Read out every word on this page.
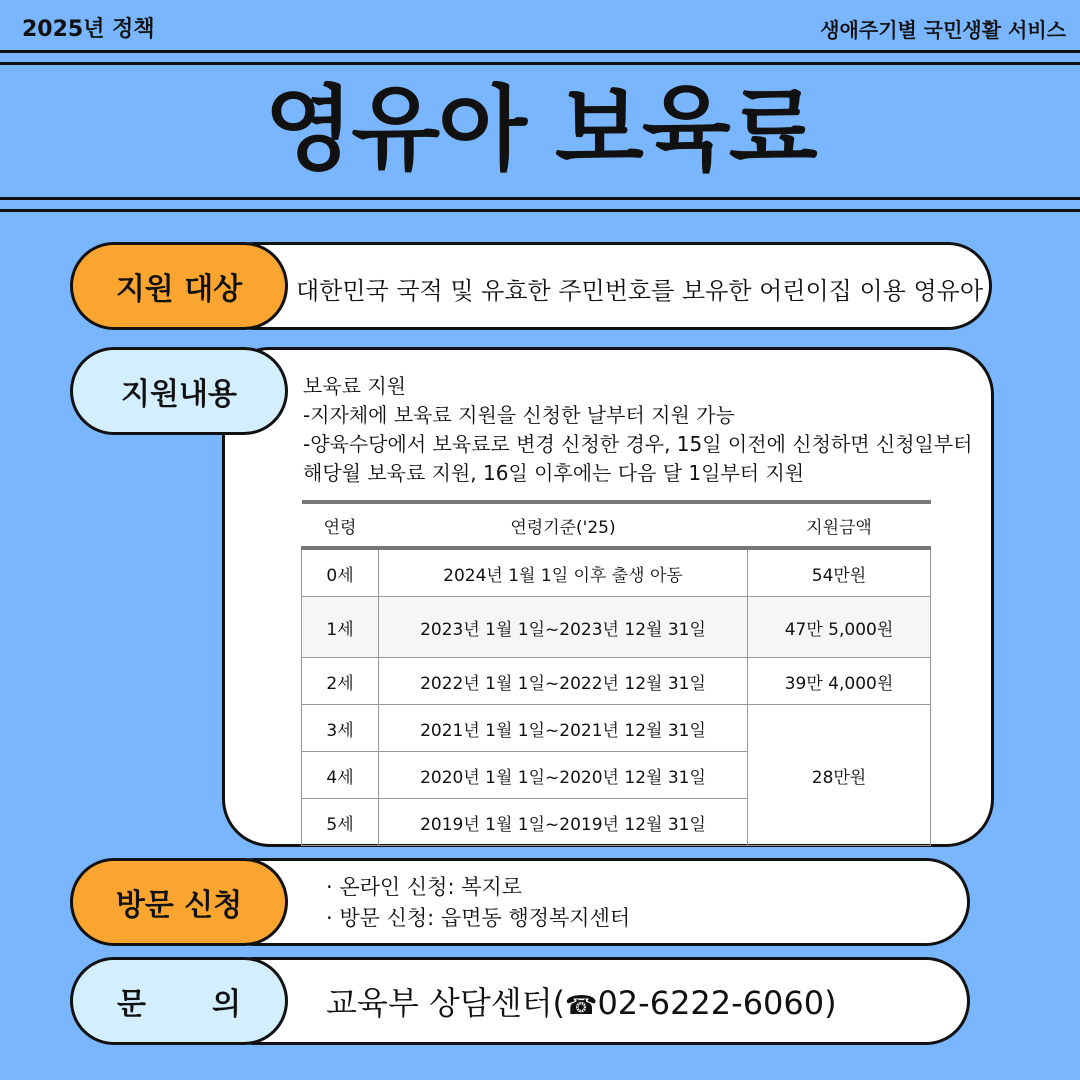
2025년 정책	생애주기별 국민생활 서비스
영유아 보육료
지원 대상	대한민국 국적 및 유효한 주민번호를 보유한 어린이집 이용 영유아
지원내용	보육료 지원
-지자체에 보육료 지원을 신청한 날부터 지원 가능
-양육수당에서 보육료로 변경 신청한 경우, 15일 이전에 신청하면 신청일부터
해당월 보육료 지원, 16일 이후에는 다음 달 1일부터 지원
연령	연령기준('25)	지원금액
0세	2024년 1월 1일 이후 출생 아동	54만원
1세	2023년 1월 1일~2023년 12월 31일	47만 5,000원
2세	2022년 1월 1일~2022년 12월 31일	39만 4,000원
3세	2021년 1월 1일~2021년 12월 31일	28만원
4세	2020년 1월 1일~2020년 12월 31일	
5세	2019년 1월 1일~2019년 12월 31일	
방문 신청
· 온라인 신청: 복지로
· 방문 신청: 읍면동 행정복지센터
문 의	교육부 상담센터(☎02-6222-6060)
